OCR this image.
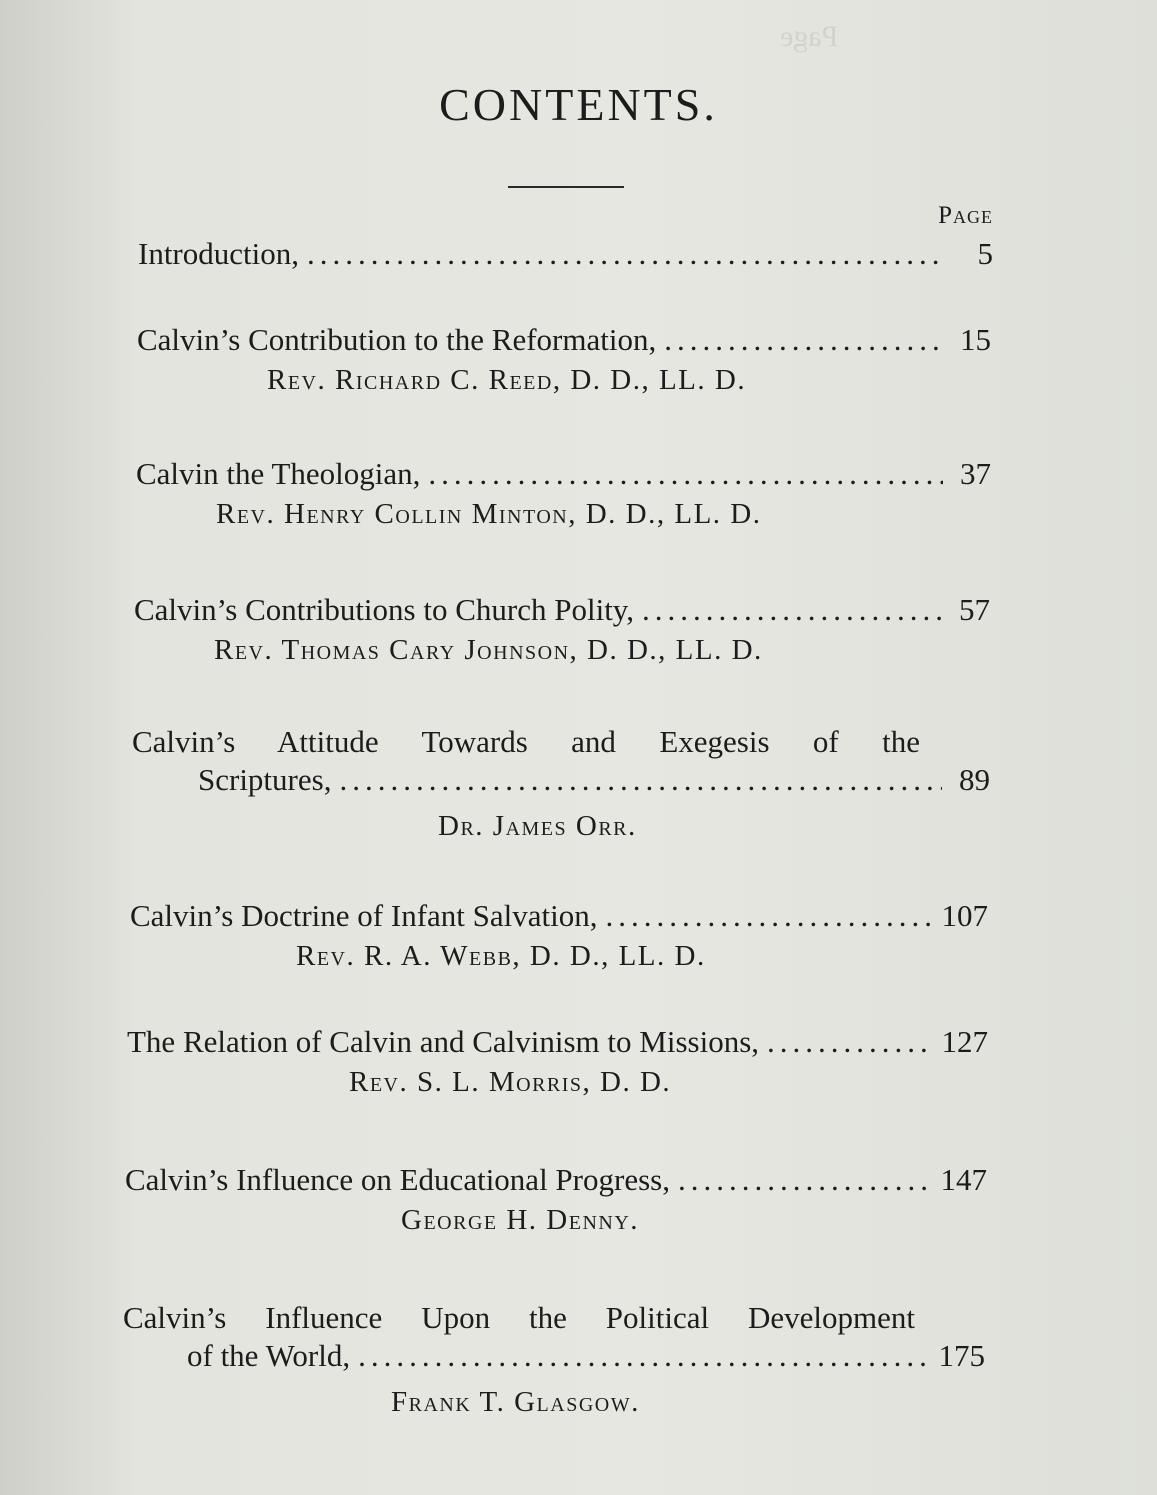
Page
CONTENTS.
Page
Introduction, .....	5
Calvin’s Contribution to the Reformation, .....	15
Rev. Richard C. Reed, D. D., LL. D.
Calvin the Theologian, .....	37
Rev. Henry Collin Minton, D. D., LL. D.
Calvin’s Contributions to Church Polity, .....	57
Rev. Thomas Cary Johnson, D. D., LL. D.
Calvin’s Attitude Towards and Exegesis of the
Scriptures, .....	89
Dr. James Orr.
Calvin’s Doctrine of Infant Salvation, .....	107
Rev. R. A. Webb, D. D., LL. D.
The Relation of Calvin and Calvinism to Missions, .....	127
Rev. S. L. Morris, D. D.
Calvin’s Influence on Educational Progress, .....	147
George H. Denny.
Calvin’s Influence Upon the Political Development
of the World, .....	175
Frank T. Glasgow.
